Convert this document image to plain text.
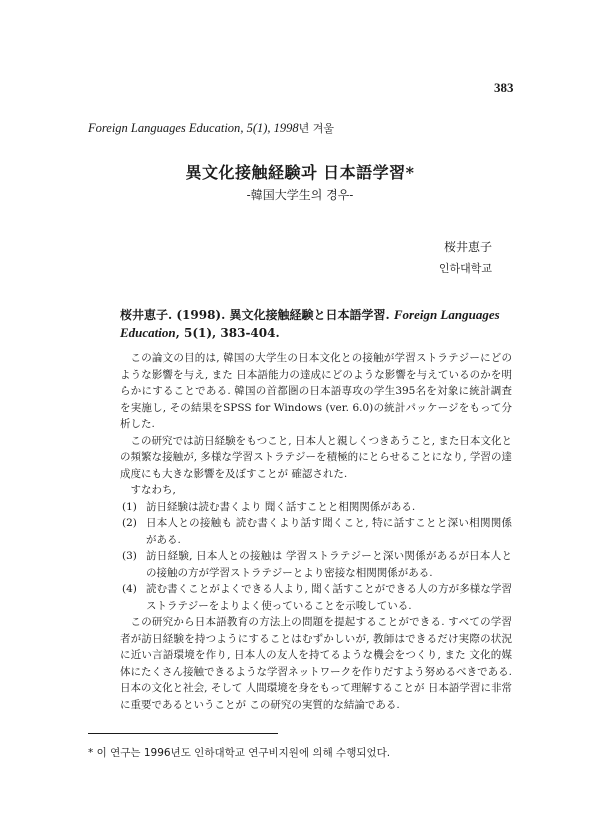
383
Foreign Languages Education, 5(1), 1998년 겨울
異文化接触経験과 日本語学習*
-韓国大学生의 경우-
桜井恵子
인하대학교
桜井恵子. (1998). 異文化接触経験と日本語学習. Foreign Languages Education, 5(1), 383-404.

この論文の目的は, 韓国の大学生の日本文化との接触が学習ストラテジーにどのような影響を与え, また 日本語能力の達成にどのような影響を与えているのかを明らかにすることである. 韓国の首都圏の日本語専攻の学生395名を対象に統計調査を実施し, その結果をSPSS for Windows (ver. 6.0)の統計パッケージをもって分析した.

この研究では訪日経験をもつこと, 日本人と親しくつきあうこと, また日本文化との頻繁な接触が, 多様な学習ストラテジーを積極的にとらせることになり, 学習の達成度にも大きな影響を及ぼすことが 確認された.

すなわち,

(1) 訪日経験は読む書くより 聞く話すことと相関関係がある.
(2) 日本人との接触も 読む書くより話す聞くこと, 特に話すことと深い相関関係がある.
(3) 訪日経験, 日本人との接触は 学習ストラテジーと深い関係があるが日本人との接触の方が学習ストラテジーとより密接な相関関係がある.
(4) 読む書くことがよくできる人より, 聞く話すことができる人の方が多様な学習ストラテジーをよりよく使っていることを示唆している.

この研究から日本語教育の方法上の問題を提起することができる. すべての学習者が訪日経験を持つようにすることはむずかしいが, 教師はできるだけ実際の状況に近い言語環境を作り, 日本人の友人を持てるような機会をつくり, また 文化的媒体にたくさん接触できるような学習ネットワークを作りだすよう努めるべきである. 日本の文化と社会, そして 人間環境を身をもって理解することが 日本語学習に非常に重要であるということが この研究の実質的な結論である.

* 이 연구는 1996년도 인하대학교 연구비지원에 의해 수행되었다.
